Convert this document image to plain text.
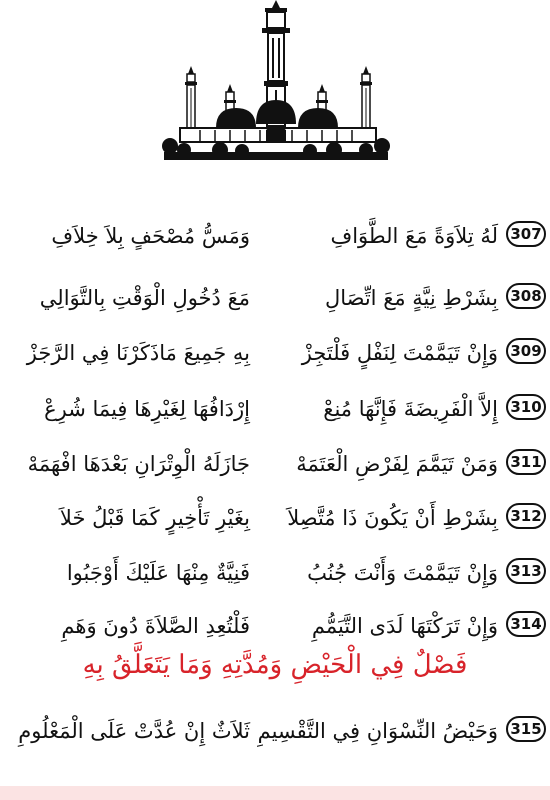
307
لَهُ تِلاَوَةً مَعَ الطَّوَافِ
وَمَسُّ مُصْحَفٍ بِلاَ خِلاَفِ
308
بِشَرْطِ نِيَّةٍ مَعَ اتِّصَالِ
مَعَ دُخُولِ الْوَقْتِ بِالتَّوَالِي
309
وَإِنْ تَيَمَّمْتَ لِنَفْلٍ فَلْتَجِزْ
بِهِ جَمِيعَ مَاذَكَرْنَا فِي الرَّجَزْ
310
إِلاَّ الْفَرِيضَةَ فَإِنَّهَا مُنِعْ
إِرْدَافُهَا لِغَيْرِهَا فِيمَا شُرِعْ
311
وَمَنْ تَيَمَّمَ لِفَرْضِ الْعَتَمَهْ
جَازَلَهُ الْوِتْرَانِ بَعْدَهَا افْهَمَهْ
312
بِشَرْطِ أَنْ يَكُونَ ذَا مُتَّصِلاَ
بِغَيْرِ تَأْخِيرٍ كَمَا قَبْلُ خَلاَ
313
وَإِنْ تَيَمَّمْتَ وَأَنْتَ جُنُبُ
فَنِيَّةٌ مِنْهَا عَلَيْكَ أَوْجَبُوا
314
وَإِنْ تَرَكْتَهَا لَدَى التَّيَمُّمِ
فَلْتُعِدِ الصَّلاَةَ دُونَ وَهَمِ
فَصْلٌ فِي الْحَيْضِ وَمُدَّتِهِ وَمَا يَتَعَلَّقُ بِهِ
315
وَحَيْضُ النِّسْوَانِ فِي التَّقْسِيمِ
ثَلاَثٌ إِنْ عُدَّتْ عَلَى الْمَعْلُومِ
